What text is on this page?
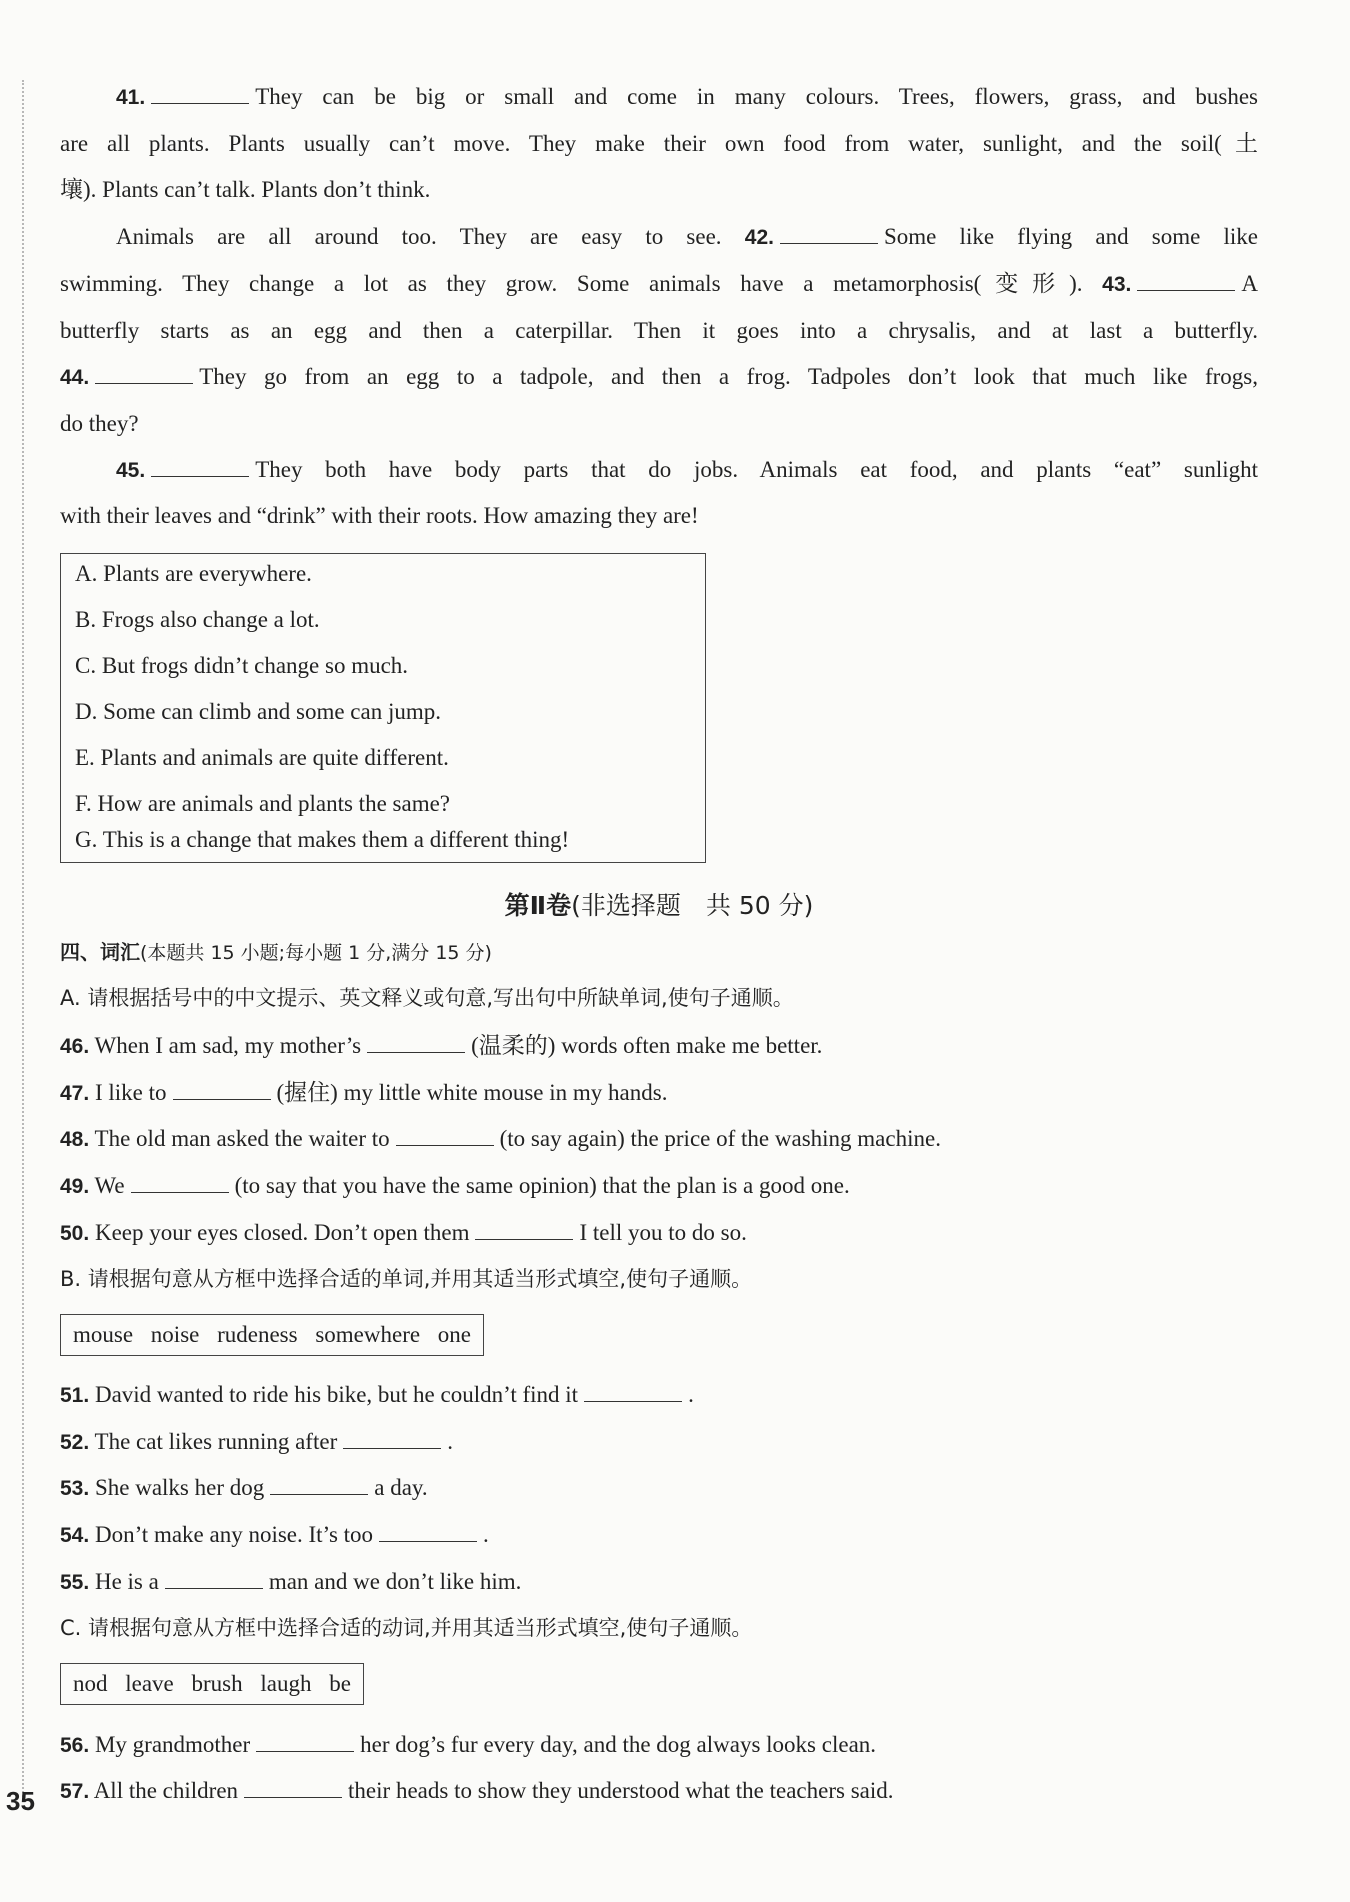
41.	They can be big or small and come in many colours. Trees, flowers, grass, and bushes
are all plants. Plants usually can’t move. They make their own food from water, sunlight, and the soil(土
壤). Plants can’t talk. Plants don’t think.
Animals are all around too. They are easy to see. 42.	Some like flying and some like
swimming. They change a lot as they grow. Some animals have a metamorphosis(变形). 43.	A
butterfly starts as an egg and then a caterpillar. Then it goes into a chrysalis, and at last a butterfly.
44.	They go from an egg to a tadpole, and then a frog. Tadpoles don’t look that much like frogs,
do they?
45.	They both have body parts that do jobs. Animals eat food, and plants “eat” sunlight
with their leaves and “drink” with their roots. How amazing they are!
A. Plants are everywhere.
B. Frogs also change a lot.
C. But frogs didn’t change so much.
D. Some can climb and some can jump.
E. Plants and animals are quite different.
F. How are animals and plants the same?
G. This is a change that makes them a different thing!
第Ⅱ卷(非选择题　共 50 分)
四、词汇(本题共 15 小题;每小题 1 分,满分 15 分)
A. 请根据括号中的中文提示、英文释义或句意,写出句中所缺单词,使句子通顺。
46. When I am sad, my mother’s	(温柔的) words often make me better.
47. I like to	(握住) my little white mouse in my hands.
48. The old man asked the waiter to	(to say again) the price of the washing machine.
49. We	(to say that you have the same opinion) that the plan is a good one.
50. Keep your eyes closed. Don’t open them	I tell you to do so.
B. 请根据句意从方框中选择合适的单词,并用其适当形式填空,使句子通顺。
mouse noise rudeness somewhere one
51. David wanted to ride his bike, but he couldn’t find it	.
52. The cat likes running after	.
53. She walks her dog	a day.
54. Don’t make any noise. It’s too	.
55. He is a	man and we don’t like him.
C. 请根据句意从方框中选择合适的动词,并用其适当形式填空,使句子通顺。
nod leave brush laugh be
56. My grandmother	her dog’s fur every day, and the dog always looks clean.
57. All the children	their heads to show they understood what the teachers said.
35
